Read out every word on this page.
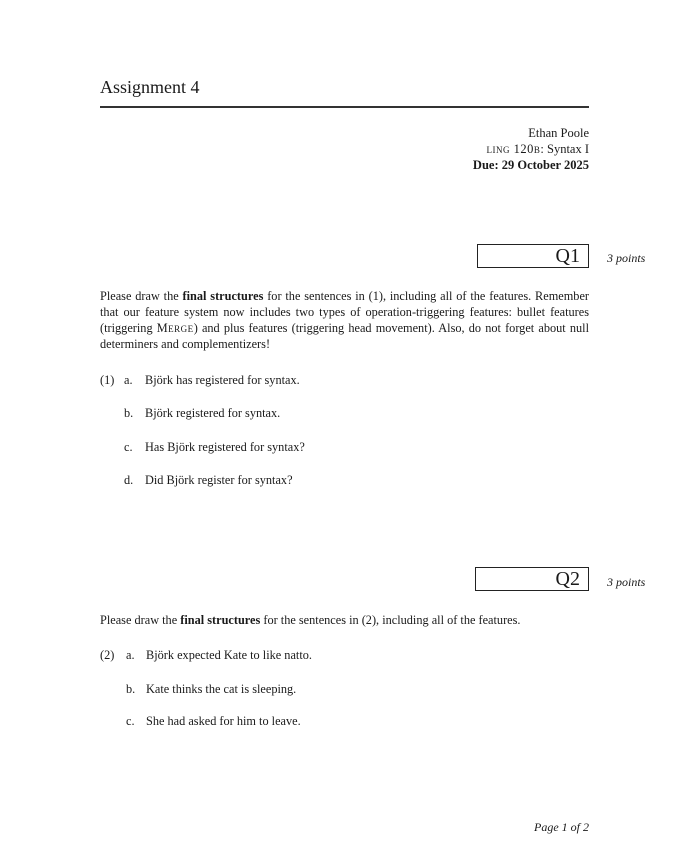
Assignment 4
Ethan Poole
ling 120b: Syntax I
Due: 29 October 2025
Q1	3 points
Please draw the final structures for the sentences in (1), including all of the features. Remember that our feature system now includes two types of operation-triggering features: bullet features (triggering Merge) and plus features (triggering head movement). Also, do not forget about null determiners and complementizers!
(1) a.	Björk has registered for syntax.
b. Björk registered for syntax.
c.	Has Björk registered for syntax?
d. Did Björk register for syntax?
Q2	3 points
Please draw the final structures for the sentences in (2), including all of the features.
(2) a. Björk expected Kate to like natto.
b. Kate thinks the cat is sleeping.
c. She had asked for him to leave.
Page 1 of 2
